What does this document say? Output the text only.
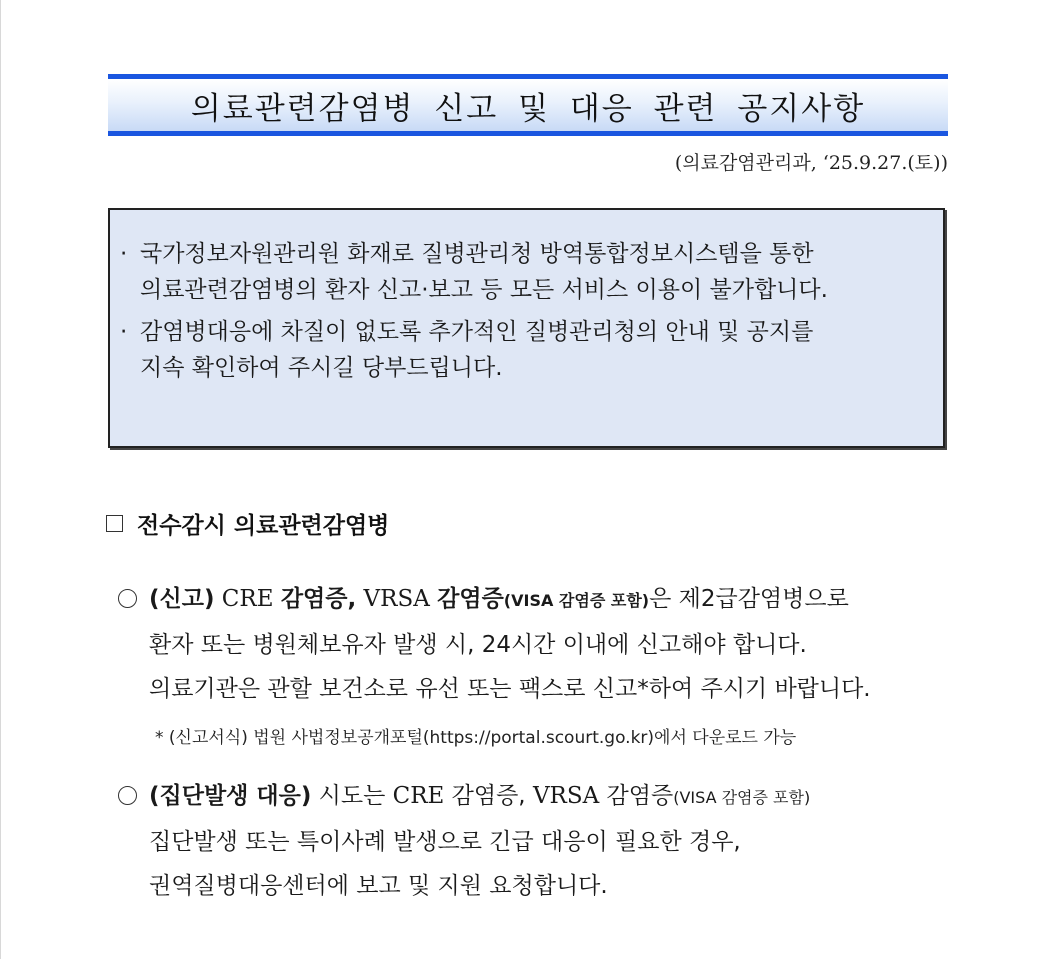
의료관련감염병 신고 및 대응 관련 공지사항
(의료감염관리과, ‘25.9.27.(토))
· 국가정보자원관리원 화재로 질병관리청 방역통합정보시스템을 통한
의료관련감염병의 환자 신고·보고 등 모든 서비스 이용이 불가합니다.
· 감염병대응에 차질이 없도록 추가적인 질병관리청의 안내 및 공지를
지속 확인하여 주시길 당부드립니다.
전수감시 의료관련감염병
(신고) CRE 감염증, VRSA 감염증(VISA 감염증 포함)은 제2급감염병으로
환자 또는 병원체보유자 발생 시, 24시간 이내에 신고해야 합니다.
의료기관은 관할 보건소로 유선 또는 팩스로 신고*하여 주시기 바랍니다.
* (신고서식) 법원 사법정보공개포털(https://portal.scourt.go.kr)에서 다운로드 가능
(집단발생 대응) 시도는 CRE 감염증, VRSA 감염증(VISA 감염증 포함)
집단발생 또는 특이사례 발생으로 긴급 대응이 필요한 경우,
권역질병대응센터에 보고 및 지원 요청합니다.
